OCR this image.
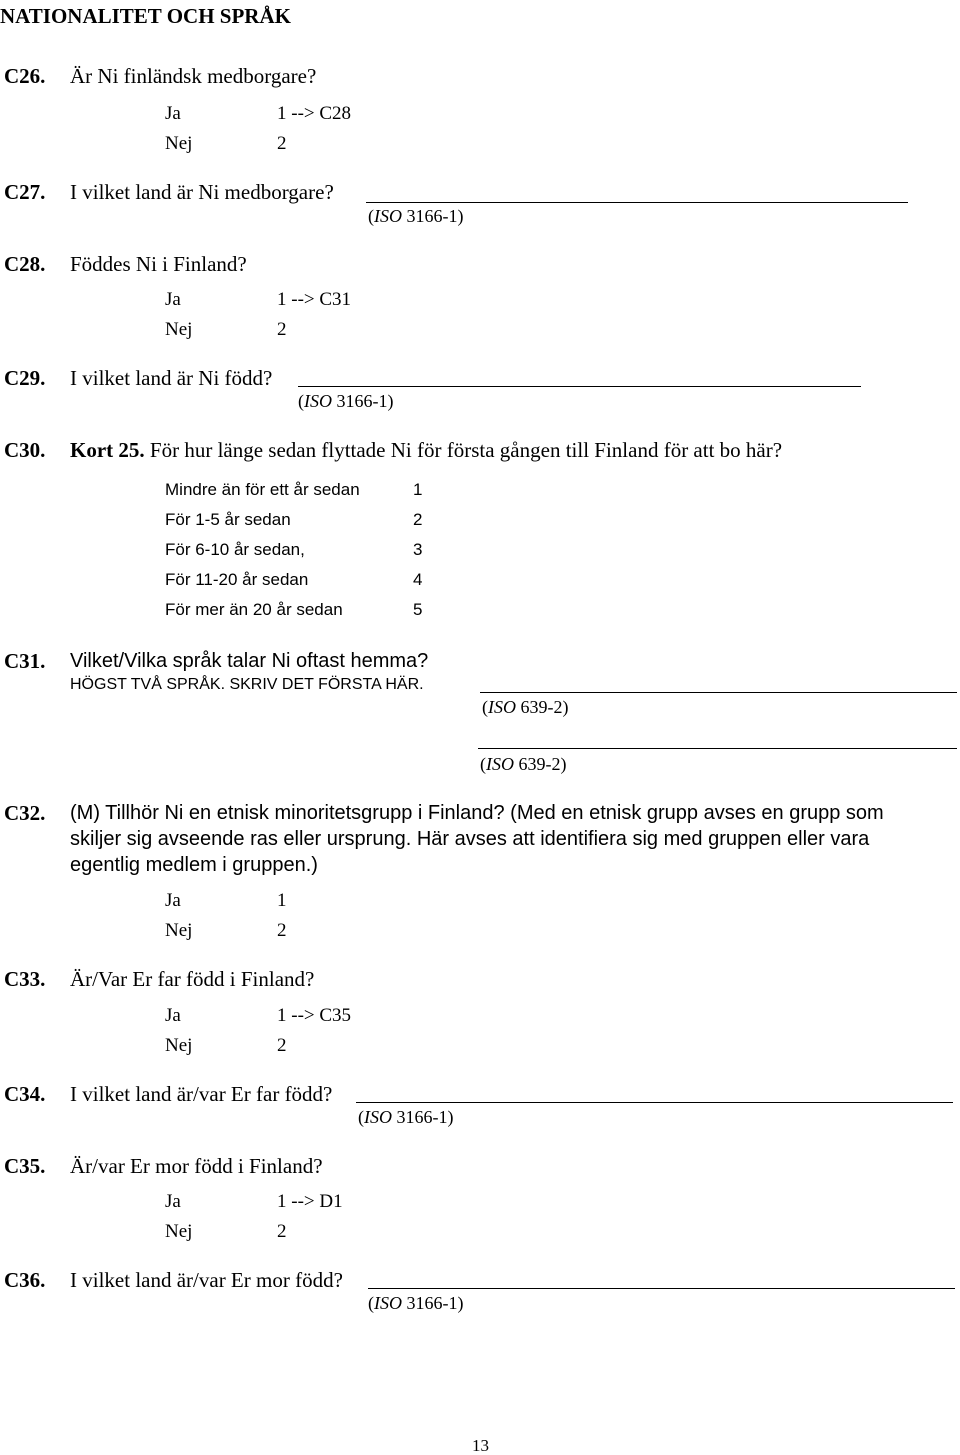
NATIONALITET OCH SPRÅK
C26. Är Ni finländsk medborgare?
Ja	1 --> C28
Nej	2
C27. I vilket land är Ni medborgare?
(ISO 3166-1)
C28. Föddes Ni i Finland?
Ja	1 --> C31
Nej	2
C29. I vilket land är Ni född?
(ISO 3166-1)
C30. Kort 25. För hur länge sedan flyttade Ni för första gången till Finland för att bo här?
Mindre än för ett år sedan	1
För 1-5 år sedan	2
För 6-10 år sedan,	3
För 11-20 år sedan	4
För mer än 20 år sedan	5
C31. Vilket/Vilka språk talar Ni oftast hemma?
HÖGST TVÅ SPRÅK. SKRIV DET FÖRSTA HÄR.
(ISO 639-2)
(ISO 639-2)
C32. (M) Tillhör Ni en etnisk minoritetsgrupp i Finland? (Med en etnisk grupp avses en grupp som
skiljer sig avseende ras eller ursprung. Här avses att identifiera sig med gruppen eller vara
egentlig medlem i gruppen.)
Ja	1
Nej	2
C33. Är/Var Er far född i Finland?
Ja	1 --> C35
Nej	2
C34. I vilket land är/var Er far född?
(ISO 3166-1)
C35. Är/var Er mor född i Finland?
Ja	1 --> D1
Nej	2
C36. I vilket land är/var Er mor född?
(ISO 3166-1)
13
